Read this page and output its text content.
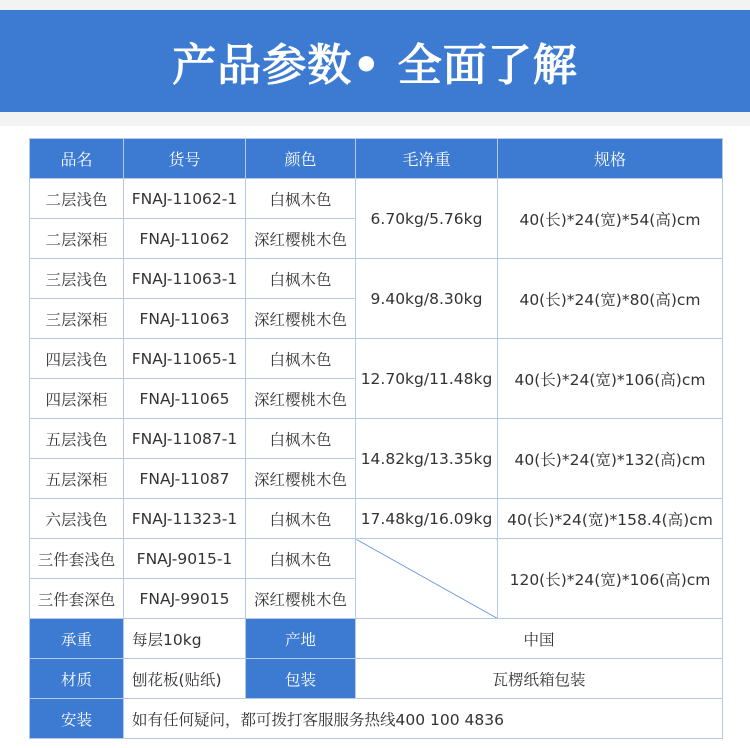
产品参数• 全面了解
品名	货号	颜色	毛净重	规格
二层浅色	FNAJ-11062-1	白枫木色	6.70kg/5.76kg	40(长)*24(宽)*54(高)cm
二层深柜	FNAJ-11062	深红樱桃木色		
三层浅色	FNAJ-11063-1	白枫木色	9.40kg/8.30kg	40(长)*24(宽)*80(高)cm
三层深柜	FNAJ-11063	深红樱桃木色		
四层浅色	FNAJ-11065-1	白枫木色	12.70kg/11.48kg	40(长)*24(宽)*106(高)cm
四层深柜	FNAJ-11065	深红樱桃木色		
五层浅色	FNAJ-11087-1	白枫木色	14.82kg/13.35kg	40(长)*24(宽)*132(高)cm
五层深柜	FNAJ-11087	深红樱桃木色		
六层浅色	FNAJ-11323-1	白枫木色	17.48kg/16.09kg	40(长)*24(宽)*158.4(高)cm
三件套浅色	FNAJ-9015-1	白枫木色		120(长)*24(宽)*106(高)cm
三件套深色	FNAJ-99015	深红樱桃木色		
承重	每层10kg	产地	中国	
材质	刨花板(贴纸)	包装	瓦楞纸箱包装	
安装	如有任何疑问，都可拨打客服服务热线400 100 4836			
